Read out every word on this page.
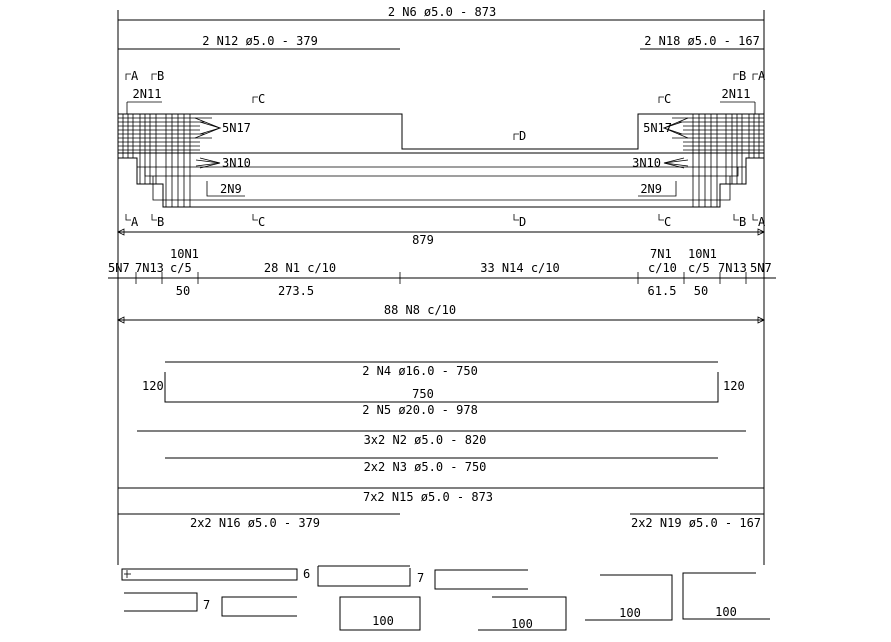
2 N6 ø5.0 - 873
2 N12 ø5.0 - 379	2 N18 ø5.0 - 167
A B
C
D
C
B A
2N11	2N11
5N17
3N10
2N9
5N17
3N10
2N9
A B	C	D	C	B A
879
5N7 7N13
10N1
c/5
50
28 N1 c/10
273.5
33 N14 c/10
7N1
c/10
61.5
10N1
c/5
50
7N13 5N7
88 N8 c/10
2 N4 ø16.0 - 750
120	120
750
2 N5 ø20.0 - 978
3x2 N2 ø5.0 - 820
2x2 N3 ø5.0 - 750
7x2 N15 ø5.0 - 873
2x2 N16 ø5.0 - 379	2x2 N19 ø5.0 - 167
6	7
7
100	100
100	100
